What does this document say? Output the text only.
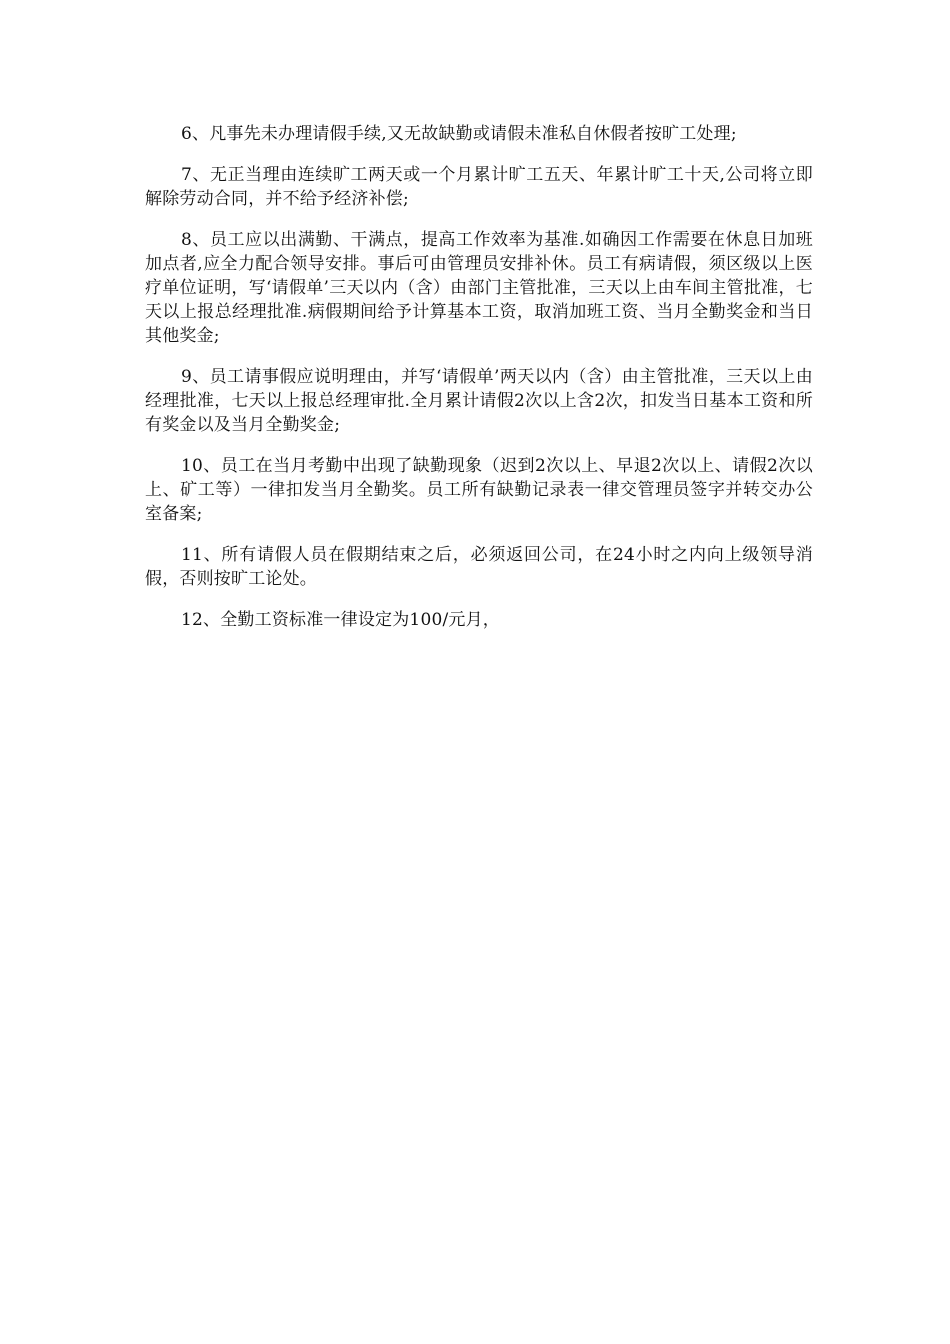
6、凡事先未办理请假手续,又无故缺勤或请假未准私自休假者按旷工处理;

7、无正当理由连续旷工两天或一个月累计旷工五天、年累计旷工十天,公司将立即解除劳动合同，并不给予经济补偿;

8、员工应以出满勤、干满点，提高工作效率为基准.如确因工作需要在休息日加班加点者,应全力配合领导安排。事后可由管理员安排补休。员工有病请假，须区级以上医疗单位证明，写‘请假单’三天以内（含）由部门主管批准，三天以上由车间主管批准，七天以上报总经理批准.病假期间给予计算基本工资，取消加班工资、当月全勤奖金和当日其他奖金;

9、员工请事假应说明理由，并写‘请假单’两天以内（含）由主管批准，三天以上由经理批准，七天以上报总经理审批.全月累计请假2次以上含2次，扣发当日基本工资和所有奖金以及当月全勤奖金;

10、员工在当月考勤中出现了缺勤现象（迟到2次以上、早退2次以上、请假2次以上、矿工等）一律扣发当月全勤奖。员工所有缺勤记录表一律交管理员签字并转交办公室备案;

11、所有请假人员在假期结束之后，必须返回公司，在24小时之内向上级领导消假，否则按旷工论处。

12、全勤工资标准一律设定为100/元月，
